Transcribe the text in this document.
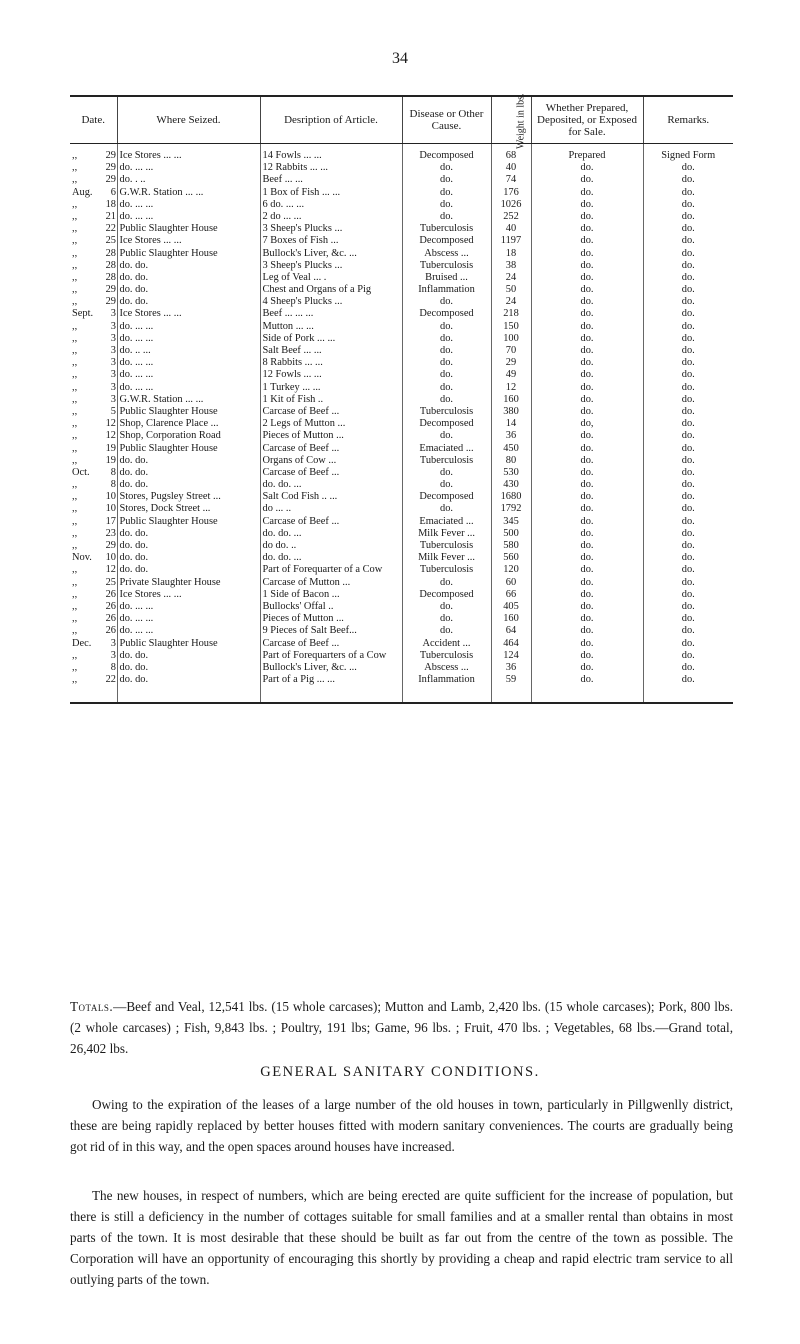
34
Date.	Where Seized.	Desription of Article.	Disease or Other Cause.	Weight in lbs.	Whether Prepared, Deposited, or Exposed for Sale.	Remarks.
,, 29	Ice Stores ... ...	14 Fowls ... ...	Decomposed	68	Prepared	Signed Form
,, 29	do. ... ...	12 Rabbits ... ...	do.	40	do.	do.
,, 29	do. . ..	Beef ... ...	do.	74	do.	do.
Aug. 6	G.W.R. Station ... ...	1 Box of Fish ... ...	do.	176	do.	do.
,, 18	do. ... ...	6 do. ... ...	do.	1026	do.	do.
,, 21	do. ... ...	2 do ... ...	do.	252	do.	do.
,, 22	Public Slaughter House	3 Sheep's Plucks ...	Tuberculosis	40	do.	do.
,, 25	Ice Stores ... ...	7 Boxes of Fish ...	Decomposed	1197	do.	do.
,, 28	Public Slaughter House	Bullock's Liver, &c. ...	Abscess ...	18	do.	do.
,, 28	do. do.	3 Sheep's Plucks ...	Tuberculosis	38	do.	do.
,, 28	do. do.	Leg of Veal ... .	Bruised ...	24	do.	do.
,, 29	do. do.	Chest and Organs of a Pig	Inflammation	50	do.	do.
,, 29	do. do.	4 Sheep's Plucks ...	do.	24	do.	do.
Sept. 3	Ice Stores ... ...	Beef ... ... ...	Decomposed	218	do.	do.
,, 3	do. ... ...	Mutton ... ...	do.	150	do.	do.
,, 3	do. ... ...	Side of Pork ... ...	do.	100	do.	do.
,, 3	do. .. ...	Salt Beef ... ...	do.	70	do.	do.
,, 3	do. ... ...	8 Rabbits ... ...	do.	29	do.	do.
,, 3	do. ... ...	12 Fowls ... ...	do.	49	do.	do.
,, 3	do. ... ...	1 Turkey ... ...	do.	12	do.	do.
,, 3	G.W.R. Station ... ...	1 Kit of Fish ..	do.	160	do.	do.
,, 5	Public Slaughter House	Carcase of Beef ...	Tuberculosis	380	do.	do.
,, 12	Shop, Clarence Place ...	2 Legs of Mutton ...	Decomposed	14	do,	do.
,, 12	Shop, Corporation Road	Pieces of Mutton ...	do.	36	do.	do.
,, 19	Public Slaughter House	Carcase of Beef ...	Emaciated ...	450	do.	do.
,, 19	do. do.	Organs of Cow ...	Tuberculosis	80	do.	do.
Oct. 8	do. do.	Carcase of Beef ...	do.	530	do.	do.
,, 8	do. do.	do. do. ...	do.	430	do.	do.
,, 10	Stores, Pugsley Street ...	Salt Cod Fish .. ...	Decomposed	1680	do.	do.
,, 10	Stores, Dock Street ...	do ... ..	do.	1792	do.	do.
,, 17	Public Slaughter House	Carcase of Beef ...	Emaciated ...	345	do.	do.
,, 23	do. do.	do. do. ...	Milk Fever ...	500	do.	do.
,, 29	do. do.	do do. ..	Tuberculosis	580	do.	do.
Nov. 10	do. do.	do. do. ...	Milk Fever ...	560	do.	do.
,, 12	do. do.	Part of Forequarter of a Cow	Tuberculosis	120	do.	do.
,, 25	Private Slaughter House	Carcase of Mutton ...	do.	60	do.	do.
,, 26	Ice Stores ... ...	1 Side of Bacon ...	Decomposed	66	do.	do.
,, 26	do. ... ...	Bullocks' Offal ..	do.	405	do.	do.
,, 26	do. ... ...	Pieces of Mutton ...	do.	160	do.	do.
,, 26	do. ... ...	9 Pieces of Salt Beef...	do.	64	do.	do.
Dec. 3	Public Slaughter House	Carcase of Beef ...	Accident ...	464	do.	do.
,, 3	do. do.	Part of Forequarters of a Cow	Tuberculosis	124	do.	do.
,, 8	do. do.	Bullock's Liver, &c. ...	Abscess ...	36	do.	do.
,, 22	do. do.	Part of a Pig ... ...	Inflammation	59	do.	do.
Totals.—Beef and Veal, 12,541 lbs. (15 whole carcases); Mutton and Lamb, 2,420 lbs. (15 whole carcases); Pork, 800 lbs. (2 whole carcases) ; Fish, 9,843 lbs. ; Poultry, 191 lbs; Game, 96 lbs. ; Fruit, 470 lbs. ; Vegetables, 68 lbs.—Grand total, 26,402 lbs.
GENERAL SANITARY CONDITIONS.
Owing to the expiration of the leases of a large number of the old houses in town, particularly in Pillgwenlly district, these are being rapidly replaced by better houses fitted with modern sanitary conveniences. The courts are gradually being got rid of in this way, and the open spaces around houses have increased.
The new houses, in respect of numbers, which are being erected are quite sufficient for the increase of population, but there is still a deficiency in the number of cottages suitable for small families and at a smaller rental than obtains in most parts of the town. It is most desirable that these should be built as far out from the centre of the town as possible. The Corporation will have an opportunity of encouraging this shortly by providing a cheap and rapid electric tram service to all outlying parts of the town.
